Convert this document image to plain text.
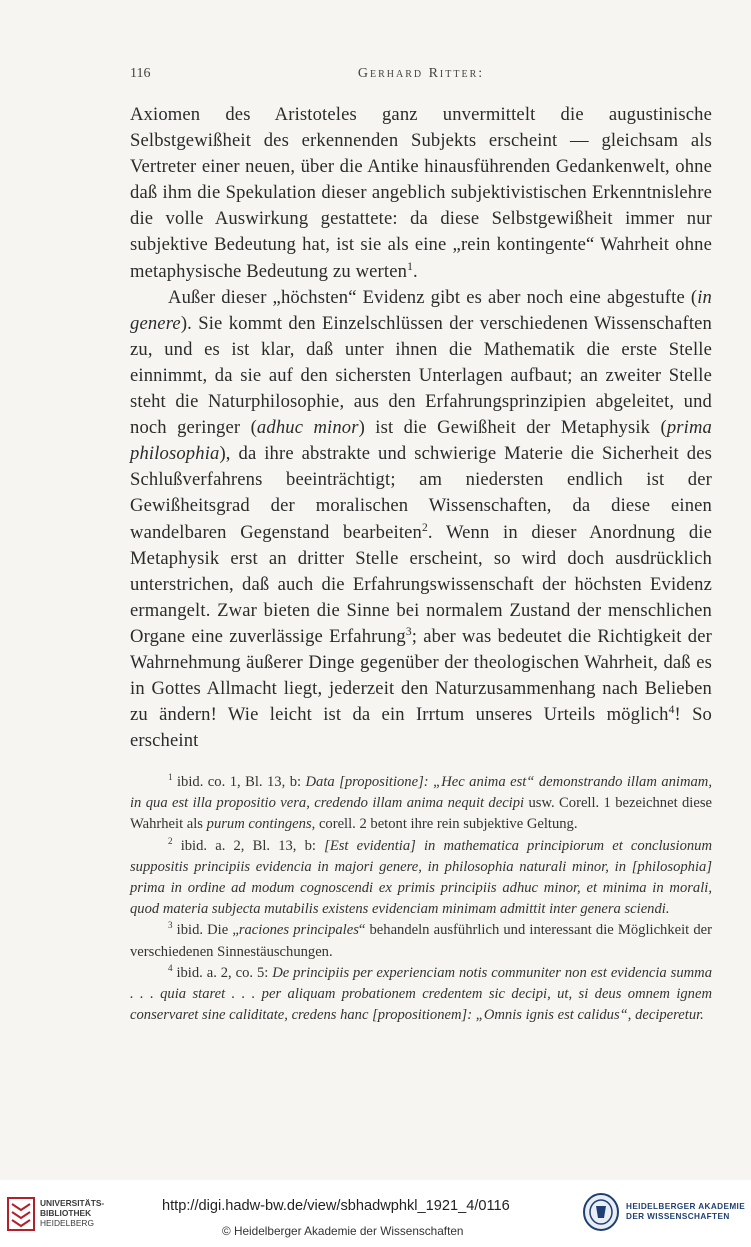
116	Gerhard Ritter:

Axiomen des Aristoteles ganz unvermittelt die augustinische Selbstgewißheit des erkennenden Subjekts erscheint — gleichsam als Vertreter einer neuen, über die Antike hinausführenden Gedankenwelt, ohne daß ihm die Spekulation dieser angeblich subjektivistischen Erkenntnislehre die volle Auswirkung gestattete: da diese Selbstgewißheit immer nur subjektive Bedeutung hat, ist sie als eine „rein kontingente“ Wahrheit ohne metaphysische Bedeutung zu werten$^1$.

Außer dieser „höchsten“ Evidenz gibt es aber noch eine abgestufte (in genere). Sie kommt den Einzelschlüssen der verschiedenen Wissenschaften zu, und es ist klar, daß unter ihnen die Mathematik die erste Stelle einnimmt, da sie auf den sichersten Unterlagen aufbaut; an zweiter Stelle steht die Naturphilosophie, aus den Erfahrungsprinzipien abgeleitet, und noch geringer (adhuc minor) ist die Gewißheit der Metaphysik (prima philosophia), da ihre abstrakte und schwierige Materie die Sicherheit des Schlußverfahrens beeinträchtigt; am niedersten endlich ist der Gewißheitsgrad der moralischen Wissenschaften, da diese einen wandelbaren Gegenstand bearbeiten$^2$. Wenn in dieser Anordnung die Metaphysik erst an dritter Stelle erscheint, so wird doch ausdrücklich unterstrichen, daß auch die Erfahrungswissenschaft der höchsten Evidenz ermangelt. Zwar bieten die Sinne bei normalem Zustand der menschlichen Organe eine zuverlässige Erfahrung$^3$; aber was bedeutet die Richtigkeit der Wahrnehmung äußerer Dinge gegenüber der theologischen Wahrheit, daß es in Gottes Allmacht liegt, jederzeit den Naturzusammenhang nach Belieben zu ändern! Wie leicht ist da ein Irrtum unseres Urteils möglich$^4$! So erscheint

$^1$ ibid. co. 1, Bl. 13, b: Data [propositione]: „Hec anima est“ demonstrando illam animam, in qua est illa propositio vera, credendo illam anima nequit decipi usw. Corell. 1 bezeichnet diese Wahrheit als purum contingens, corell. 2 betont ihre rein subjektive Geltung.

$^2$ ibid. a. 2, Bl. 13, b: [Est evidentia] in mathematica principiorum et conclusionum suppositis principiis evidencia in majori genere, in philosophia naturali minor, in [philosophia] prima in ordine ad modum cognoscendi ex primis principiis adhuc minor, et minima in morali, quod materia subjecta mutabilis existens evidenciam minimam admittit inter genera sciendi.

$^3$ ibid. Die „raciones principales“ behandeln ausführlich und interessant die Möglichkeit der verschiedenen Sinnestäuschungen.

$^4$ ibid. a. 2, co. 5: De principiis per experienciam notis communiter non est evidencia summa . . . quia staret . . . per aliquam probationem credentem sic decipi, ut, si deus omnem ignem conservaret sine caliditate, credens hanc [propositionem]: „Omnis ignis est calidus“, deciperetur.

UNIVERSITÄTS-
BIBLIOTHEK
HEIDELBERG
http://digi.hadw-bw.de/view/sbhadwphkl_1921_4/0116
© Heidelberger Akademie der Wissenschaften
HEIDELBERGER AKADEMIE
DER WISSENSCHAFTEN
